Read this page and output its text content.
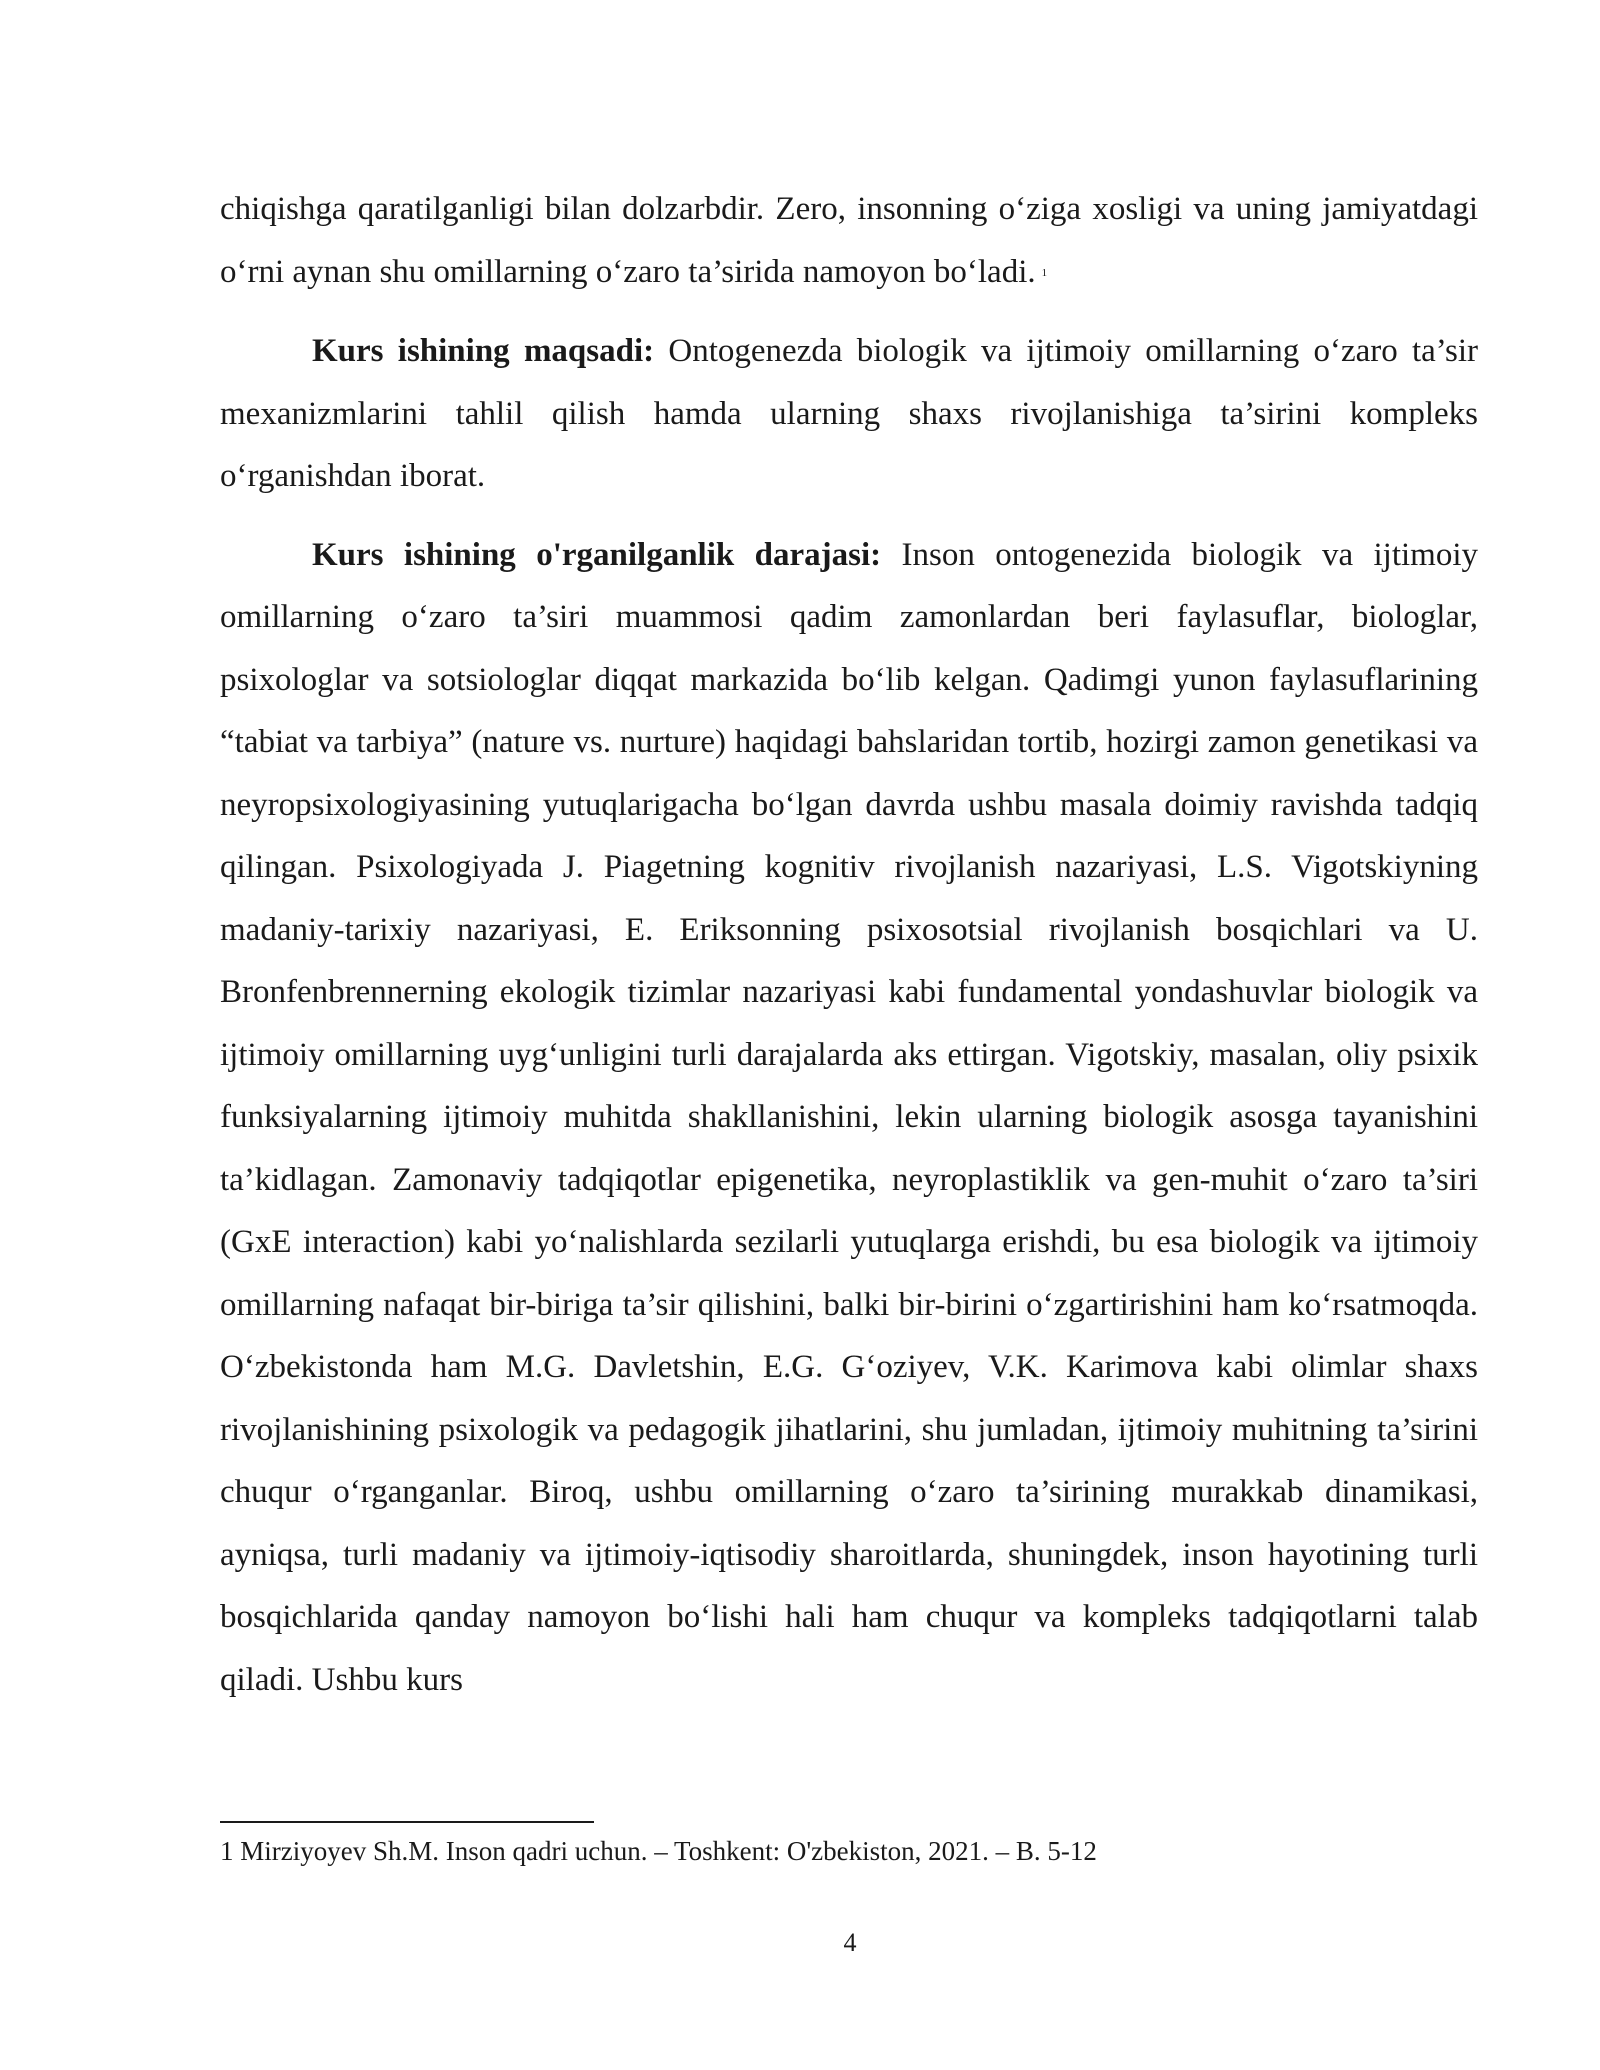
chiqishga qaratilganligi bilan dolzarbdir. Zero, insonning o‘ziga xosligi va uning jamiyatdagi o‘rni aynan shu omillarning o‘zaro ta’sirida namoyon bo‘ladi. 1

Kurs ishining maqsadi: Ontogenezda biologik va ijtimoiy omillarning o‘zaro ta’sir mexanizmlarini tahlil qilish hamda ularning shaxs rivojlanishiga ta’sirini kompleks o‘rganishdan iborat.

Kurs ishining o'rganilganlik darajasi: Inson ontogenezida biologik va ijtimoiy omillarning o‘zaro ta’siri muammosi qadim zamonlardan beri faylasuflar, biologlar, psixologlar va sotsiologlar diqqat markazida bo‘lib kelgan. Qadimgi yunon faylasuflarining “tabiat va tarbiya” (nature vs. nurture) haqidagi bahslaridan tortib, hozirgi zamon genetikasi va neyropsixologiyasining yutuqlarigacha bo‘lgan davrda ushbu masala doimiy ravishda tadqiq qilingan. Psixologiyada J. Piagetning kognitiv rivojlanish nazariyasi, L.S. Vigotskiyning madaniy-tarixiy nazariyasi, E. Eriksonning psixosotsial rivojlanish bosqichlari va U. Bronfenbrennerning ekologik tizimlar nazariyasi kabi fundamental yondashuvlar biologik va ijtimoiy omillarning uyg‘unligini turli darajalarda aks ettirgan. Vigotskiy, masalan, oliy psixik funksiyalarning ijtimoiy muhitda shakllanishini, lekin ularning biologik asosga tayanishini ta’kidlagan. Zamonaviy tadqiqotlar epigenetika, neyroplastiklik va gen-muhit o‘zaro ta’siri (GxE interaction) kabi yo‘nalishlarda sezilarli yutuqlarga erishdi, bu esa biologik va ijtimoiy omillarning nafaqat bir-biriga ta’sir qilishini, balki bir-birini o‘zgartirishini ham ko‘rsatmoqda. O‘zbekistonda ham M.G. Davletshin, E.G. G‘oziyev, V.K. Karimova kabi olimlar shaxs rivojlanishining psixologik va pedagogik jihatlarini, shu jumladan, ijtimoiy muhitning ta’sirini chuqur o‘rganganlar. Biroq, ushbu omillarning o‘zaro ta’sirining murakkab dinamikasi, ayniqsa, turli madaniy va ijtimoiy-iqtisodiy sharoitlarda, shuningdek, inson hayotining turli bosqichlarida qanday namoyon bo‘lishi hali ham chuqur va kompleks tadqiqotlarni talab qiladi. Ushbu kurs

1 Mirziyoyev Sh.M. Inson qadri uchun. – Toshkent: O'zbekiston, 2021. – B. 5-12

4
